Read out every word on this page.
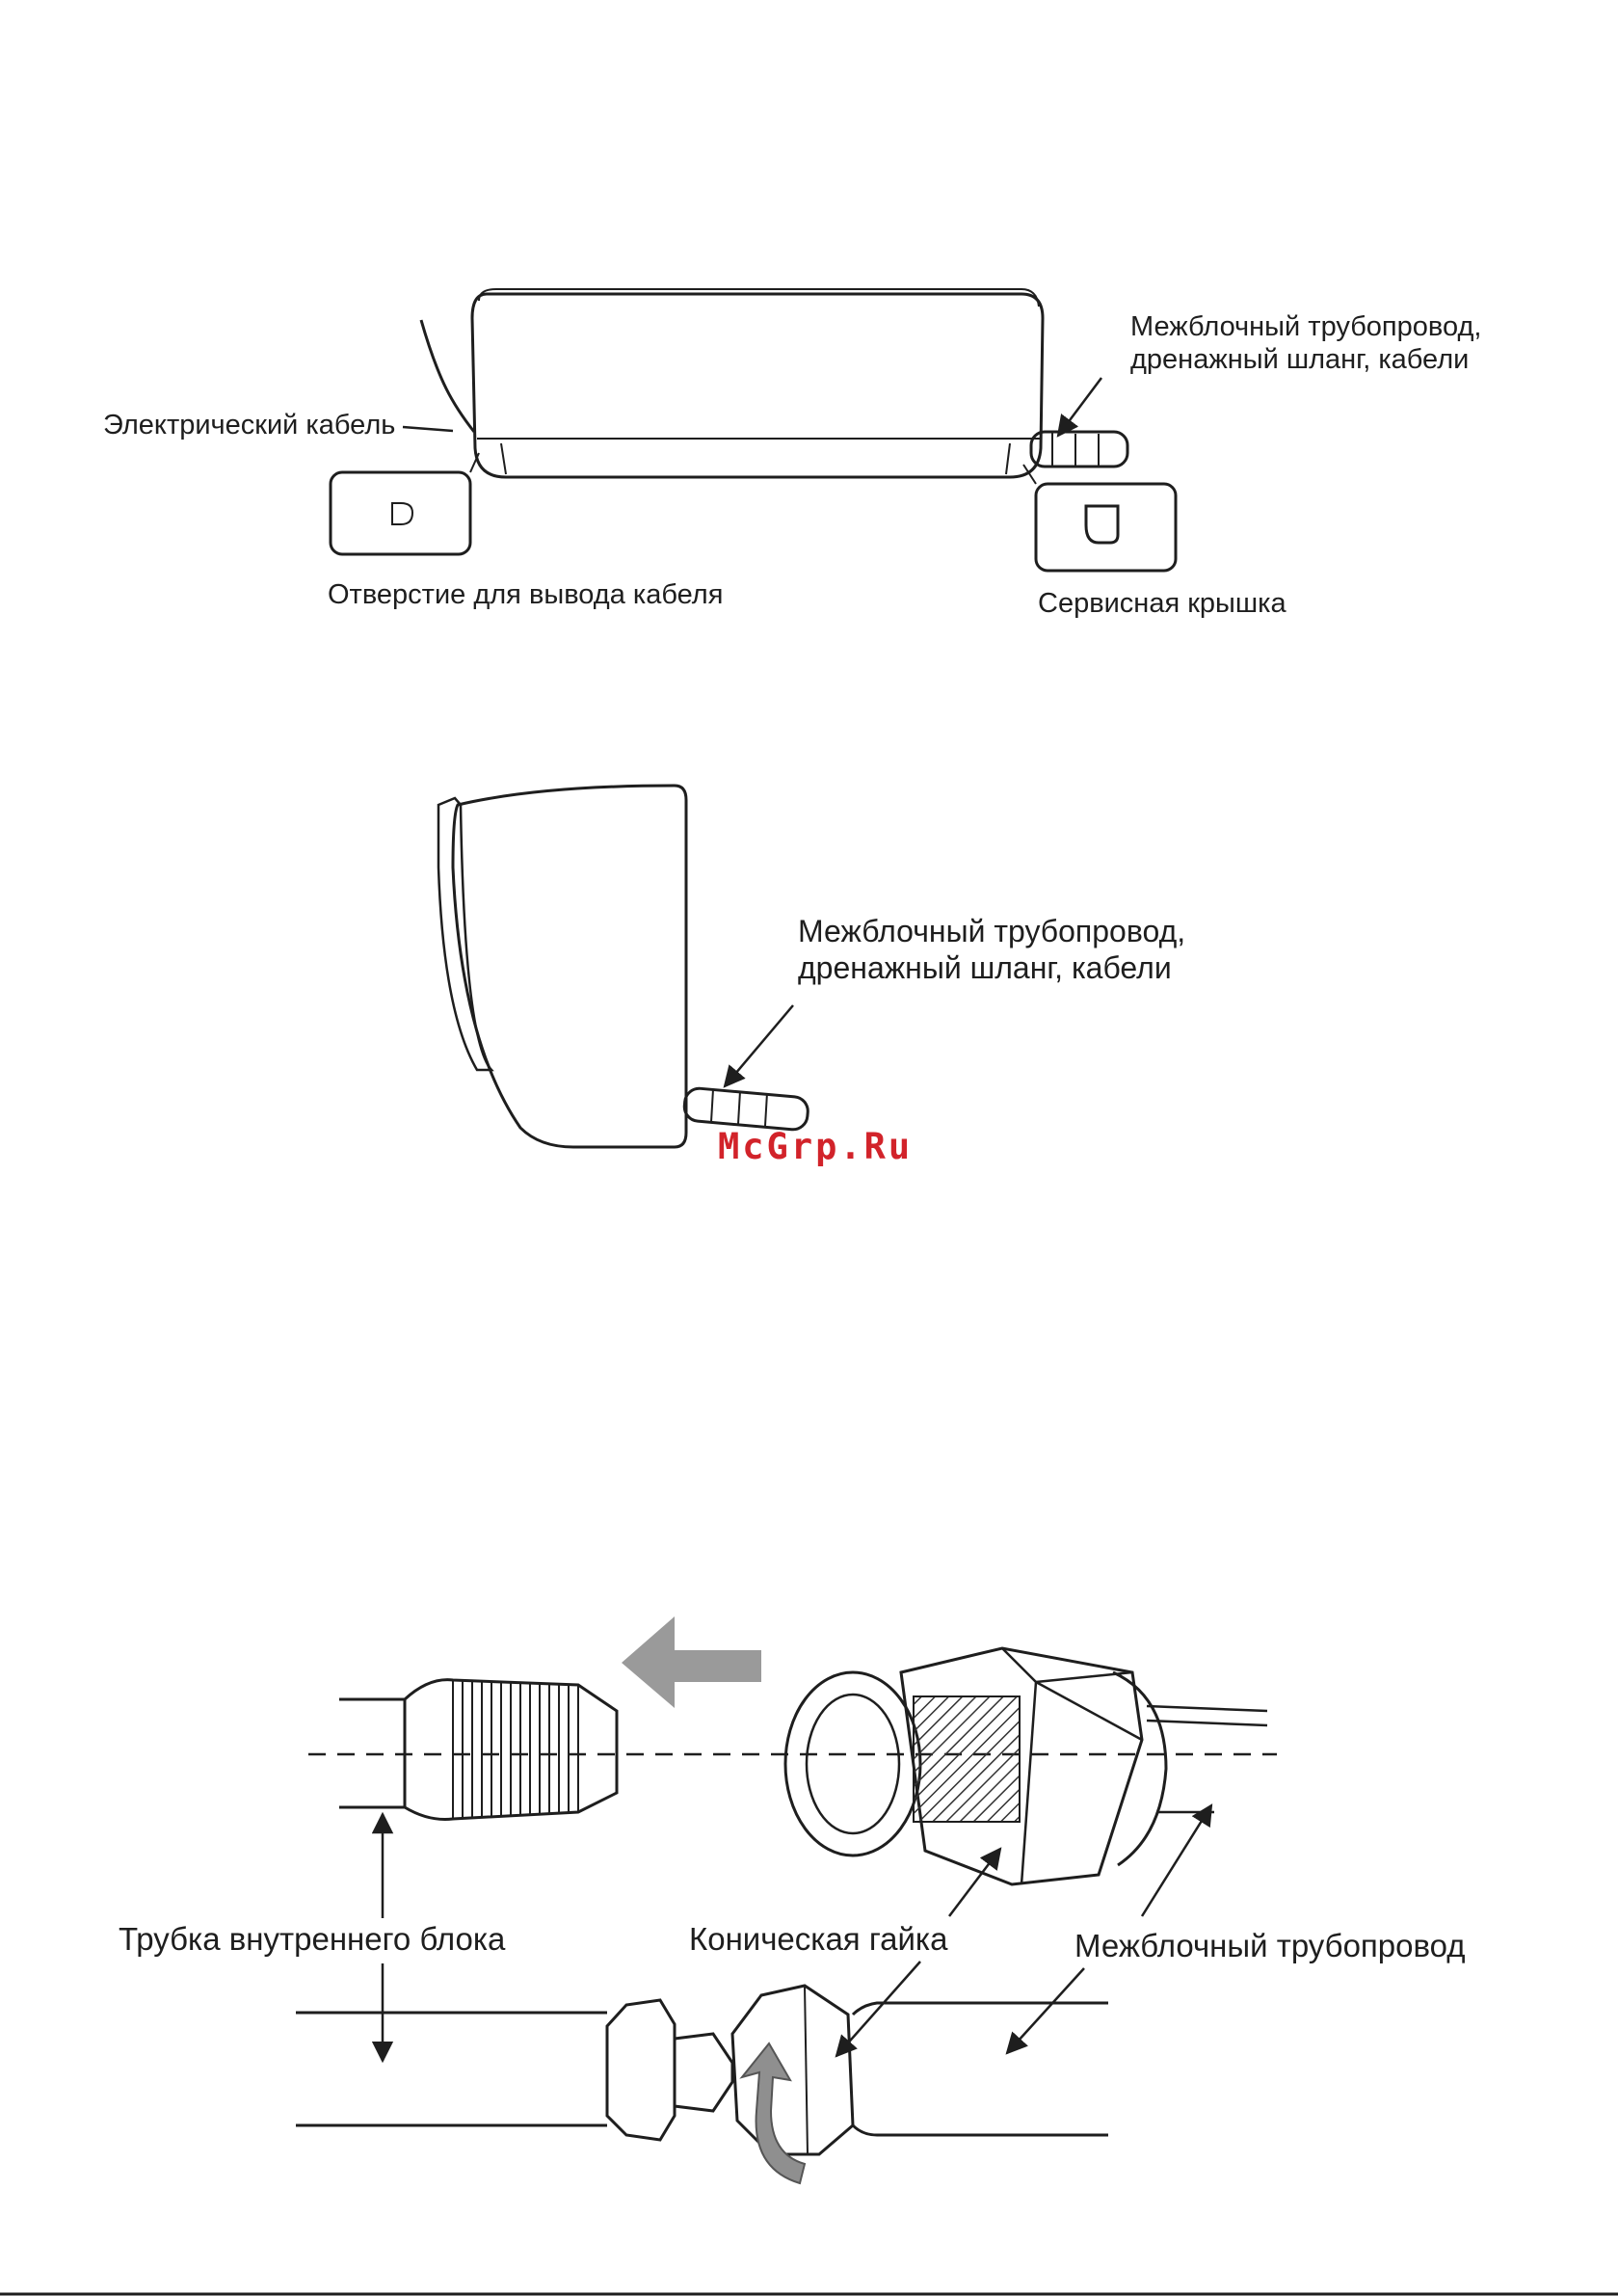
Электрический кабель
Межблочный трубопровод,
дренажный шланг, кабели
Отверстие для вывода кабеля	Сервисная крышка
Межблочный трубопровод,
дренажный шланг, кабели
McGrp.Ru
Трубка внутреннего блока	Коническая гайка	Межблочный трубопровод
